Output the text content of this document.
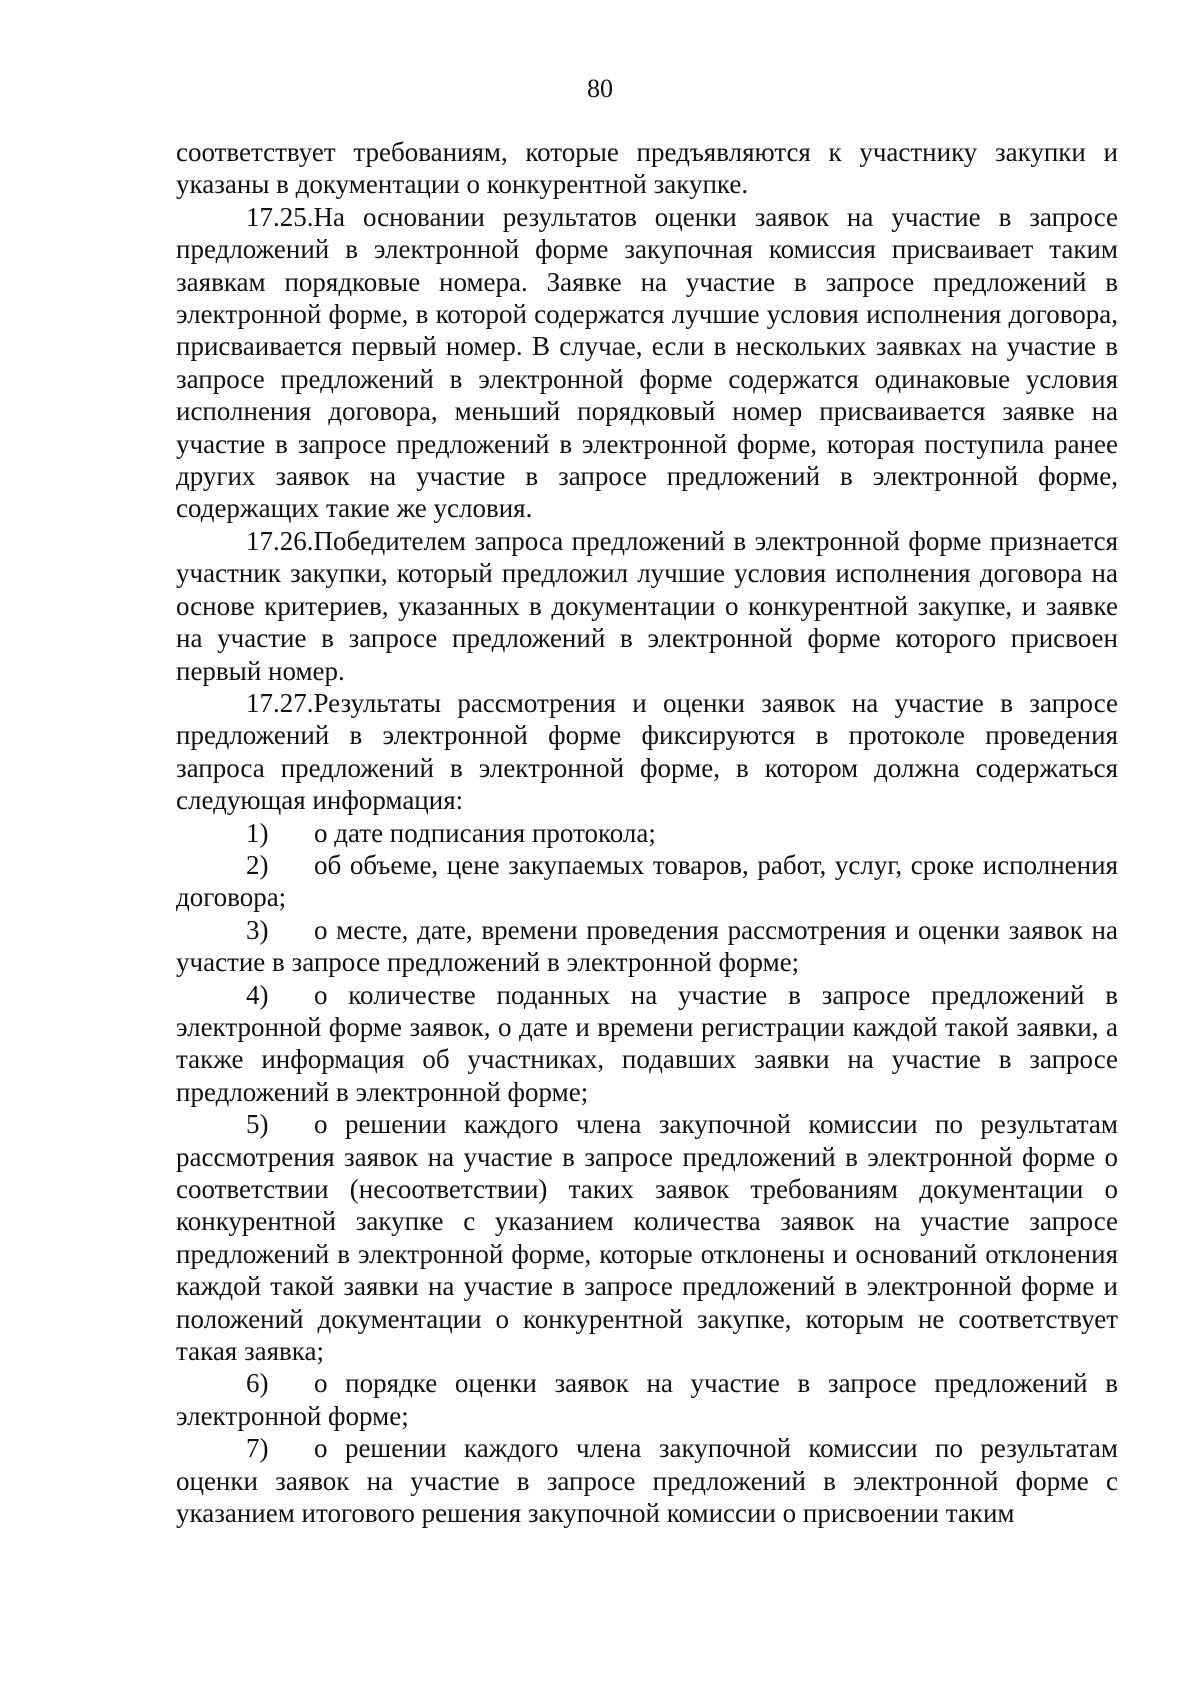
80

соответствует требованиям, которые предъявляются к участнику закупки и указаны в документации о конкурентной закупке.

17.25.На основании результатов оценки заявок на участие в запросе предложений в электронной форме закупочная комиссия присваивает таким заявкам порядковые номера. Заявке на участие в запросе предложений в электронной форме, в которой содержатся лучшие условия исполнения договора, присваивается первый номер. В случае, если в нескольких заявках на участие в запросе предложений в электронной форме содержатся одинаковые условия исполнения договора, меньший порядковый номер присваивается заявке на участие в запросе предложений в электронной форме, которая поступила ранее других заявок на участие в запросе предложений в электронной форме, содержащих такие же условия.

17.26.Победителем запроса предложений в электронной форме признается участник закупки, который предложил лучшие условия исполнения договора на основе критериев, указанных в документации о конкурентной закупке, и заявке на участие в запросе предложений в электронной форме которого присвоен первый номер.

17.27.Результаты рассмотрения и оценки заявок на участие в запросе предложений в электронной форме фиксируются в протоколе проведения запроса предложений в электронной форме, в котором должна содержаться следующая информация:

1) о дате подписания протокола;

2) об объеме, цене закупаемых товаров, работ, услуг, сроке исполнения договора;

3) о месте, дате, времени проведения рассмотрения и оценки заявок на участие в запросе предложений в электронной форме;

4) о количестве поданных на участие в запросе предложений в электронной форме заявок, о дате и времени регистрации каждой такой заявки, а также информация об участниках, подавших заявки на участие в запросе предложений в электронной форме;

5) о решении каждого члена закупочной комиссии по результатам рассмотрения заявок на участие в запросе предложений в электронной форме о соответствии (несоответствии) таких заявок требованиям документации о конкурентной закупке с указанием количества заявок на участие запросе предложений в электронной форме, которые отклонены и оснований отклонения каждой такой заявки на участие в запросе предложений в электронной форме и положений документации о конкурентной закупке, которым не соответствует такая заявка;

6) о порядке оценки заявок на участие в запросе предложений в электронной форме;

7) о решении каждого члена закупочной комиссии по результатам оценки заявок на участие в запросе предложений в электронной форме с указанием итогового решения закупочной комиссии о присвоении таким
